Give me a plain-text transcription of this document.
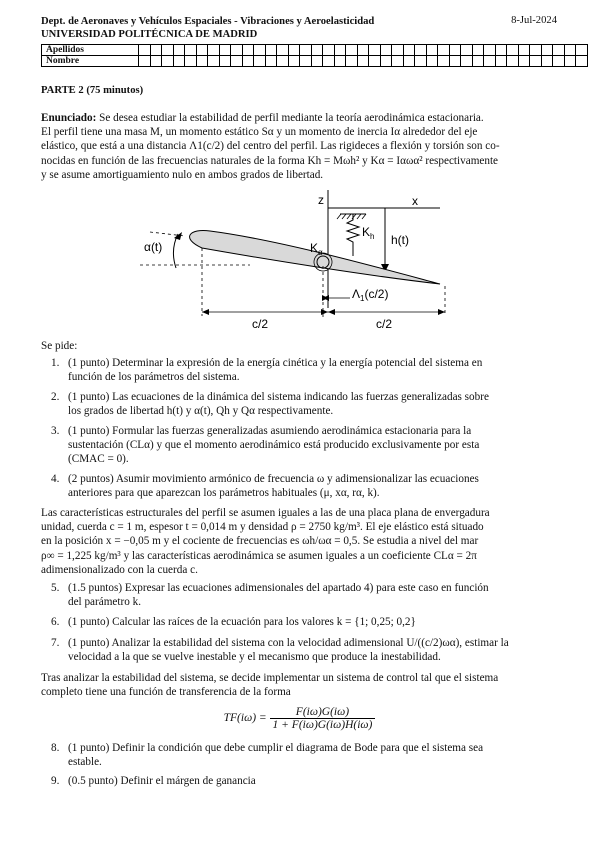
Dept. de Aeronaves y Vehículos Espaciales - Vibraciones y Aeroelasticidad
UNIVERSIDAD POLITÉCNICA DE MADRID
8-Jul-2024
Apellidos																																							
Nombre																																							
PARTE 2 (75 minutos)
Enunciado: Se desea estudiar la estabilidad de perfil mediante la teoría aerodinámica estacionaria.
El perfil tiene una masa M, un momento estático Sα y un momento de inercia Iα alrededor del eje
elástico, que está a una distancia Λ1(c/2) del centro del perfil. Las rigideces a flexión y torsión son co-
nocidas en función de las frecuencias naturales de la forma Kh = Mωh² y Kα = Iαωα² respectivamente
y se asume amortiguamiento nulo en ambos grados de libertad.
z	x
$K_h$ h(t)
α(t)	$K_\alpha$
$\Lambda_1(c/2)$
c/2	c/2
Se pide:
1. (1 punto) Determinar la expresión de la energía cinética y la energía potencial del sistema en
función de los parámetros del sistema.
2. (1 punto) Las ecuaciones de la dinámica del sistema indicando las fuerzas generalizadas sobre
los grados de libertad h(t) y α(t), Qh y Qα respectivamente.
3. (1 punto) Formular las fuerzas generalizadas asumiendo aerodinámica estacionaria para la
sustentación (CLα) y que el momento aerodinámico está producido exclusivamente por esta
(CMAC = 0).
4. (2 puntos) Asumir movimiento armónico de frecuencia ω y adimensionalizar las ecuaciones
anteriores para que aparezcan los parámetros habituales (μ, xα, rα, k).
Las características estructurales del perfil se asumen iguales a las de una placa plana de envergadura
unidad, cuerda c = 1 m, espesor t = 0,014 m y densidad ρ = 2750 kg/m³. El eje elástico está situado
en la posición x = −0,05 m y el cociente de frecuencias es ωh/ωα = 0,5. Se estudia a nivel del mar
ρ∞ = 1,225 kg/m³ y las características aerodinámica se asumen iguales a un coeficiente CLα = 2π
adimensionalizado con la cuerda c.
5. (1.5 puntos) Expresar las ecuaciones adimensionales del apartado 4) para este caso en función
del parámetro k.
6. (1 punto) Calcular las raíces de la ecuación para los valores k = {1; 0,25; 0,2}
7. (1 punto) Analizar la estabilidad del sistema con la velocidad adimensional U/((c/2)ωα), estimar la
velocidad a la que se vuelve inestable y el mecanismo que produce la inestabilidad.
Tras analizar la estabilidad del sistema, se decide implementar un sistema de control tal que el sistema
completo tiene una función de transferencia de la forma
$TF(i\omega) = \frac{F(i\omega)G(i\omega)}{1 + F(i\omega)G(i\omega)H(i\omega)}$
8. (1 punto) Definir la condición que debe cumplir el diagrama de Bode para que el sistema sea
estable.
9. (0.5 punto) Definir el márgen de ganancia
